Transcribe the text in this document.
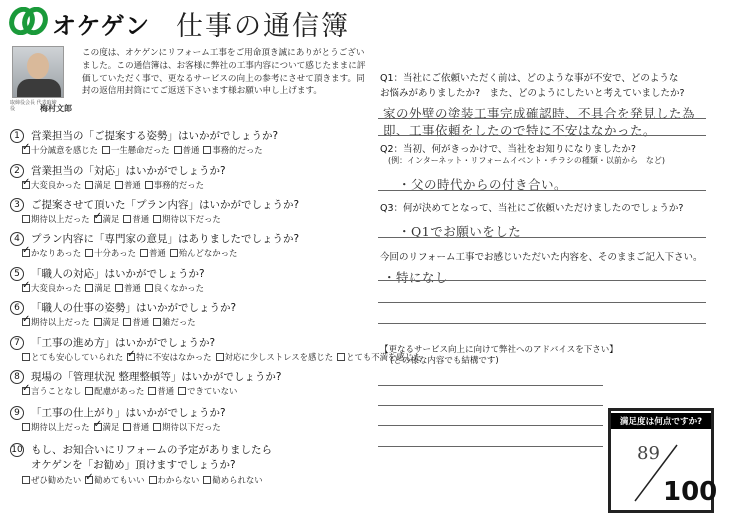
オケゲン 仕事の通信簿
取締役会長 代表取締役	梅村文郎
この度は、オケゲンにリフォーム工事をご用命頂き誠にありがとうございました。この通信簿は、お客様に弊社の工事内容について感じたままに評価していただく事で、更なるサービスの向上の参考にさせて頂きます。同封の返信用封筒にてご返送下さいます様お願い申し上げます。
1 営業担当の「ご提案する姿勢」はいかがでしょうか?
✓十分誠意を感じた 一生懸命だった 普通 事務的だった
2 営業担当の「対応」はいかがでしょうか?
✓大変良かった 満足 普通 事務的だった
3 ご提案させて頂いた「プラン内容」はいかがでしょうか?
期待以上だった ✓ 満足 普通 期待以下だった
4 プラン内容に「専門家の意見」はありましたでしょうか?
✓かなりあった 十分あった 普通 殆んどなかった
5 「職人の対応」はいかがでしょうか?
✓大変良かった 満足 普通 良くなかった
6 「職人の仕事の姿勢」はいかがでしょうか?
✓期待以上だった 満足 普通 雑だった
7 「工事の進め方」はいかがでしょうか?
とても安心していられた ✓ 特に不安はなかった 対応に少しストレスを感じた とても不満を感じた
8 現場の「管理状況 整理整頓等」はいかがでしょうか?
✓言うことなし 配慮があった 普通 できていない
9 「工事の仕上がり」はいかがでしょうか?
期待以上だった ✓ 満足 普通 期待以下だった
10 もし、お知合いにリフォームの予定がありましたら
オケゲンを「お勧め」頂けますでしょうか?
ぜひ勧めたい ✓ 勧めてもいい わからない 勧められない
Q1：当社にご依頼いただく前は、どのような事が不安で、どのような
お悩みがありましたか?　また、どのようにしたいと考えていましたか?
家の外壁の塗装工事完成確認時、不具合を発見した為
即、工事依頼をしたので特に不安はなかった。
Q2：当初、何がきっかけで、当社をお知りになりましたか?
(例：インターネット・リフォームイベント・チラシの種類・以前から　など)
・父の時代からの付き合い。
Q3：何が決めてとなって、当社にご依頼いただけましたのでしょうか?
・Q1でお願いをした
今回のリフォーム工事でお感じいただいた内容を、そのままご記入下さい。
・特になし
【更なるサービス向上に向けて弊社へのアドバイスを下さい】
(どの様な内容でも結構です)
満足度は何点ですか?
89
100
